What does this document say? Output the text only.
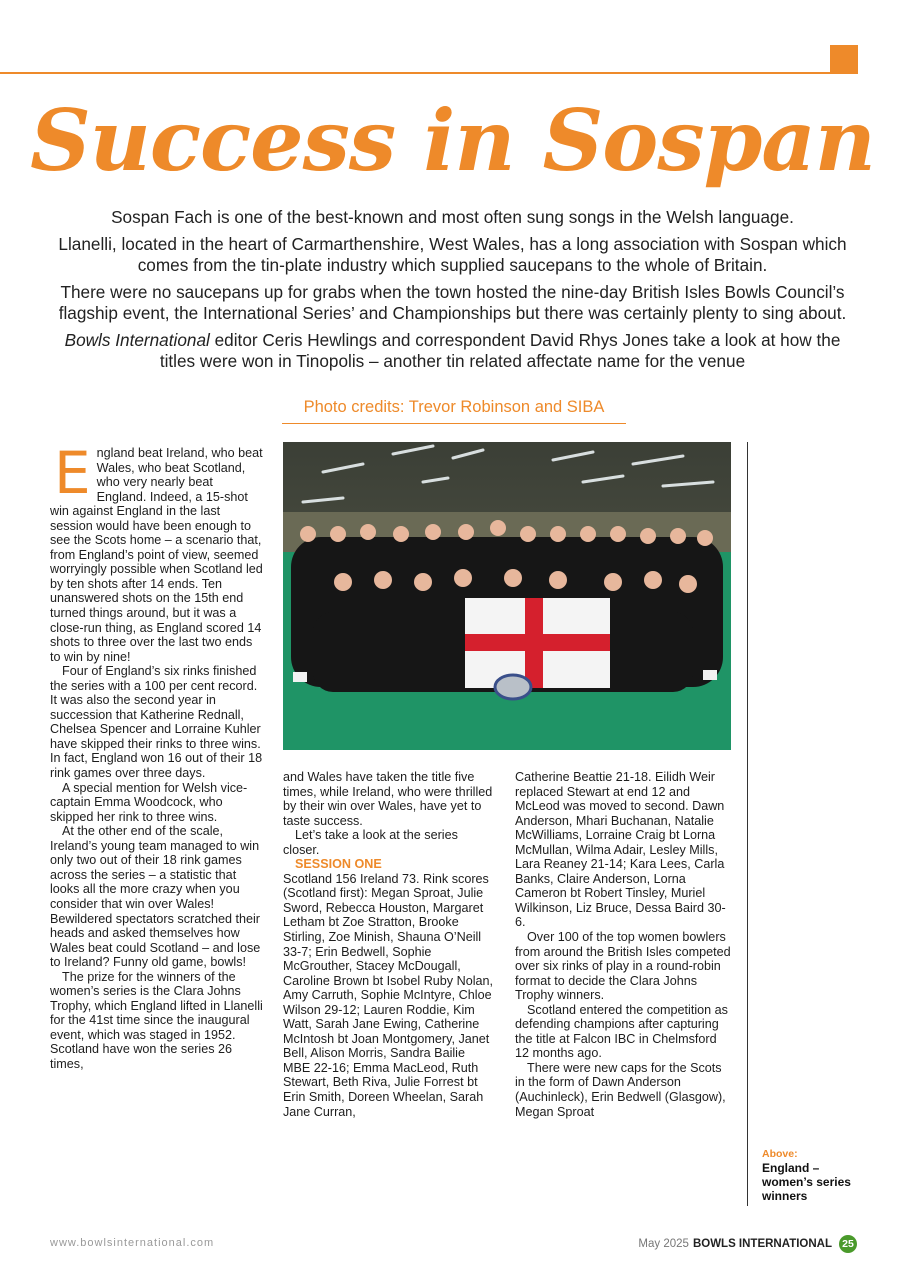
Success in Sospan

Sospan Fach is one of the best-known and most often sung songs in the Welsh language.

Llanelli, located in the heart of Carmarthenshire, West Wales, has a long association with Sospan which comes from the tin-plate industry which supplied saucepans to the whole of Britain.

There were no saucepans up for grabs when the town hosted the nine-day British Isles Bowls Council’s flagship event, the International Series’ and Championships but there was certainly plenty to sing about.

Bowls International editor Ceris Hewlings and correspondent David Rhys Jones take a look at how the titles were won in Tinopolis – another tin related affectate name for the venue

Photo credits: Trevor Robinson and SIBA

England beat Ireland, who beat Wales, who beat Scotland, who very nearly beat England. Indeed, a 15-shot win against England in the last session would have been enough to see the Scots home – a scenario that, from England’s point of view, seemed worryingly possible when Scotland led by ten shots after 14 ends. Ten unanswered shots on the 15th end turned things around, but it was a close-run thing, as England scored 14 shots to three over the last two ends to win by nine!

Four of England’s six rinks finished the series with a 100 per cent record. It was also the second year in succession that Katherine Rednall, Chelsea Spencer and Lorraine Kuhler have skipped their rinks to three wins. In fact, England won 16 out of their 18 rink games over three days.

A special mention for Welsh vice-captain Emma Woodcock, who skipped her rink to three wins.

At the other end of the scale, Ireland’s young team managed to win only two out of their 18 rink games across the series – a statistic that looks all the more crazy when you consider that win over Wales! Bewildered spectators scratched their heads and asked themselves how Wales beat could Scotland – and lose to Ireland? Funny old game, bowls!

The prize for the winners of the women’s series is the Clara Johns Trophy, which England lifted in Llanelli for the 41st time since the inaugural event, which was staged in 1952. Scotland have won the series 26 times,

and Wales have taken the title five times, while Ireland, who were thrilled by their win over Wales, have yet to taste success.

Let’s take a look at the series closer.

SESSION ONE

Scotland 156 Ireland 73. Rink scores (Scotland first): Megan Sproat, Julie Sword, Rebecca Houston, Margaret Letham bt Zoe Stratton, Brooke Stirling, Zoe Minish, Shauna O’Neill 33-7; Erin Bedwell, Sophie McGrouther, Stacey McDougall, Caroline Brown bt Isobel Ruby Nolan, Amy Carruth, Sophie McIntyre, Chloe Wilson 29-12; Lauren Roddie, Kim Watt, Sarah Jane Ewing, Catherine McIntosh bt Joan Montgomery, Janet Bell, Alison Morris, Sandra Bailie MBE 22-16; Emma MacLeod, Ruth Stewart, Beth Riva, Julie Forrest bt Erin Smith, Doreen Wheelan, Sarah Jane Curran,

Catherine Beattie 21-18. Eilidh Weir replaced Stewart at end 12 and McLeod was moved to second. Dawn Anderson, Mhari Buchanan, Natalie McWilliams, Lorraine Craig bt Lorna McMullan, Wilma Adair, Lesley Mills, Lara Reaney 21-14; Kara Lees, Carla Banks, Claire Anderson, Lorna Cameron bt Robert Tinsley, Muriel Wilkinson, Liz Bruce, Dessa Baird 30-6.

Over 100 of the top women bowlers from around the British Isles competed over six rinks of play in a round-robin format to decide the Clara Johns Trophy winners.

Scotland entered the competition as defending champions after capturing the title at Falcon IBC in Chelmsford 12 months ago.

There were new caps for the Scots in the form of Dawn Anderson (Auchinleck), Erin Bedwell (Glasgow), Megan Sproat

Above:
England – women’s series winners
www.bowlsinternational.com	May 2025 BOWLS INTERNATIONAL 25
